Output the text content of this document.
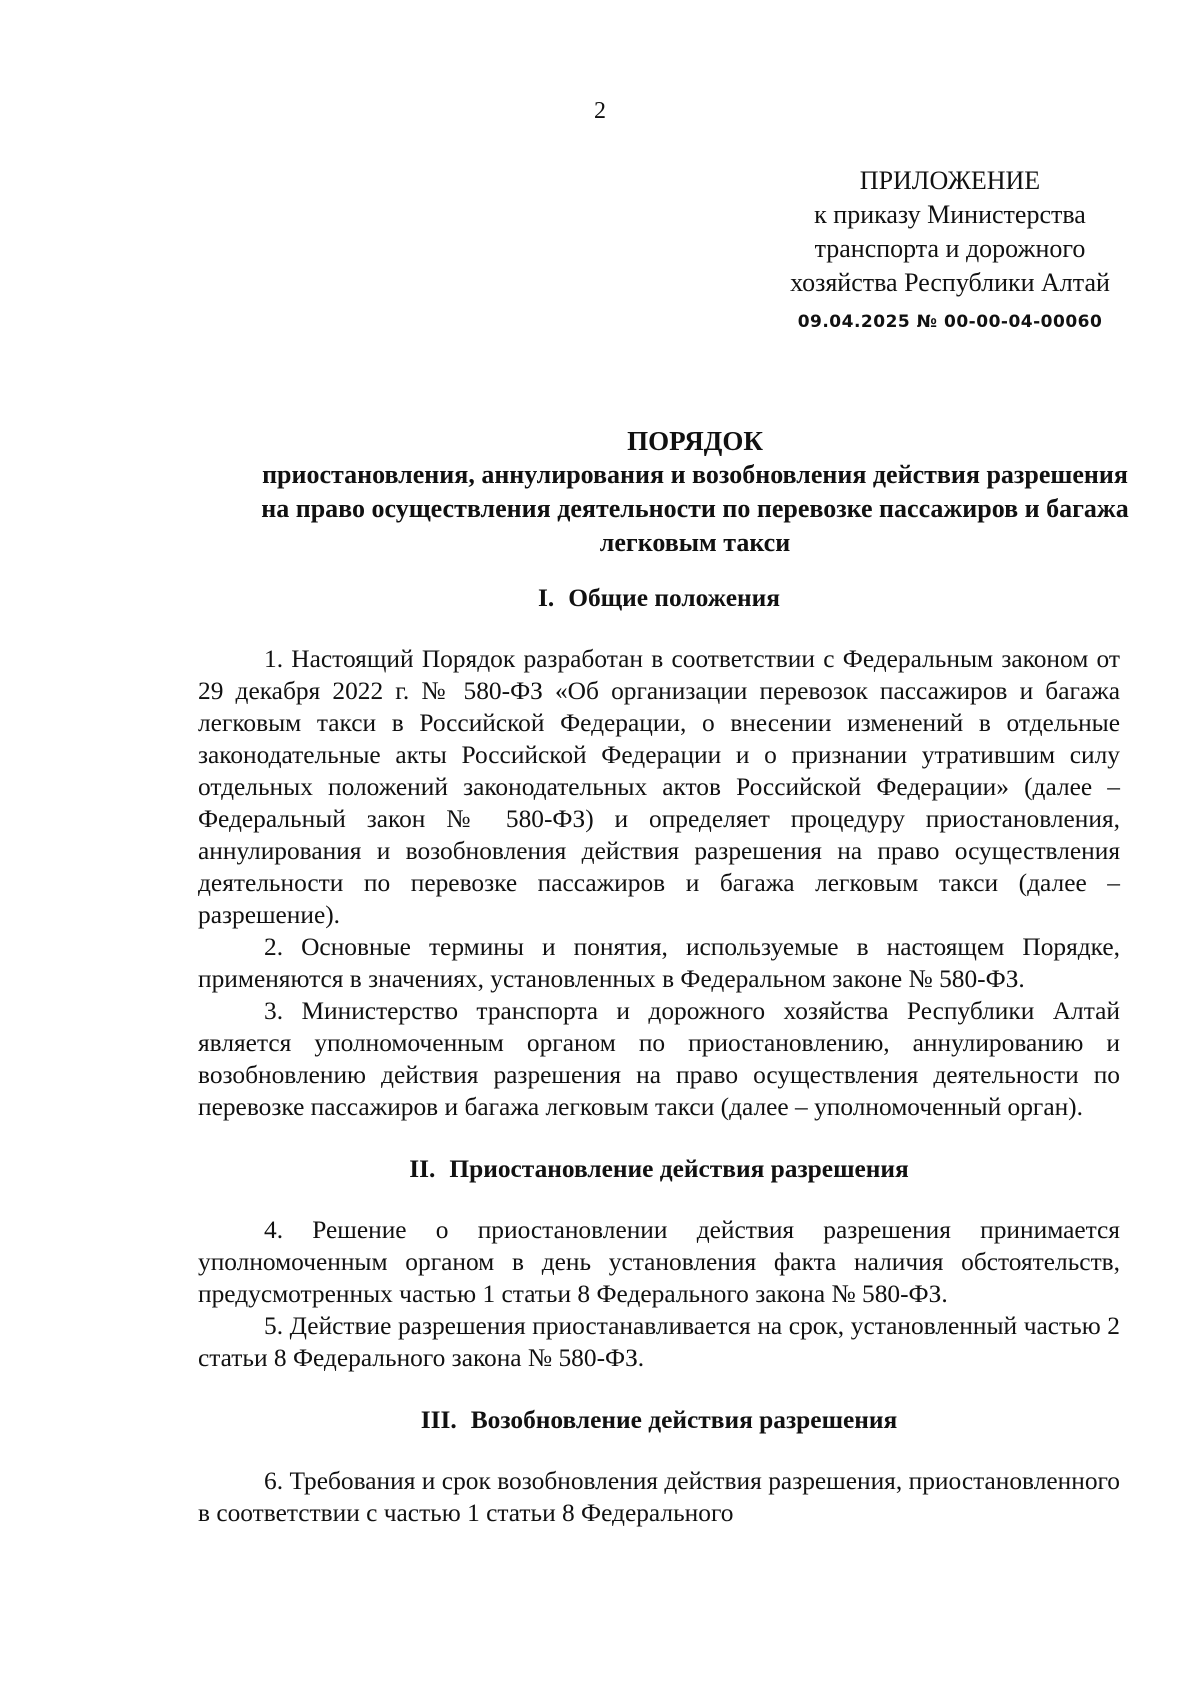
2
ПРИЛОЖЕНИЕ
к приказу Министерства
транспорта и дорожного
хозяйства Республики Алтай
09.04.2025 № 00-00-04-00060
ПОРЯДОК
приостановления, аннулирования и возобновления действия разрешения
на право осуществления деятельности по перевозке пассажиров и багажа
легковым такси
I. Общие положения

1. Настоящий Порядок разработан в соответствии с Федеральным законом от 29 декабря 2022 г. № 580-ФЗ «Об организации перевозок пассажиров и багажа легковым такси в Российской Федерации, о внесении изменений в отдельные законодательные акты Российской Федерации и о признании утратившим силу отдельных положений законодательных актов Российской Федерации» (далее – Федеральный закон № 580-ФЗ) и определяет процедуру приостановления, аннулирования и возобновления действия разрешения на право осуществления деятельности по перевозке пассажиров и багажа легковым такси (далее – разрешение).

2. Основные термины и понятия, используемые в настоящем Порядке, применяются в значениях, установленных в Федеральном законе № 580-ФЗ.

3. Министерство транспорта и дорожного хозяйства Республики Алтай является уполномоченным органом по приостановлению, аннулированию и возобновлению действия разрешения на право осуществления деятельности по перевозке пассажиров и багажа легковым такси (далее – уполномоченный орган).

II. Приостановление действия разрешения

4. Решение о приостановлении действия разрешения принимается уполномоченным органом в день установления факта наличия обстоятельств, предусмотренных частью 1 статьи 8 Федерального закона № 580-ФЗ.

5. Действие разрешения приостанавливается на срок, установленный частью 2 статьи 8 Федерального закона № 580-ФЗ.

III. Возобновление действия разрешения

6. Требования и срок возобновления действия разрешения, приостановленного в соответствии с частью 1 статьи 8 Федерального
